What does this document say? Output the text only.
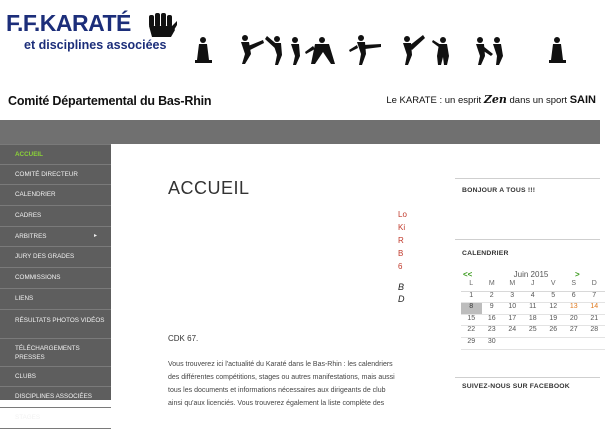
F.F.KARATÉ
et disciplines associées
Comité Départemental du Bas-Rhin	Le KARATE : un esprit Zen dans un sport SAIN
ACCUEIL
COMITÉ DIRECTEUR
CALENDRIER
CADRES
ARBITRES	▸
JURY DES GRADES
COMMISSIONS
LIENS
RÉSULTATS PHOTOS VIDÉOS
TÉLÉCHARGEMENTS PRESSES
CLUBS
DISCIPLINES ASSOCIÉES
STAGES
ACCUEIL
Lo
Ki
R
B
6
B
D
CDK 67.
Vous trouverez ici l'actualité du Karaté dans le Bas-Rhin : les calendriers
des différentes compétitions, stages ou autres manifestations, mais aussi
tous les documents et informations nécessaires aux dirigeants de club
ainsi qu'aux licenciés. Vous trouverez également la liste complète des
BONJOUR A TOUS !!!
CALENDRIER
<<	Juin 2015	>
L	M	M	J	V	S	D
1	2	3	4	5	6	7
8	9	10	11	12	13	14
15	16	17	18	19	20	21
22	23	24	25	26	27	28
29	30
SUIVEZ-NOUS SUR FACEBOOK
